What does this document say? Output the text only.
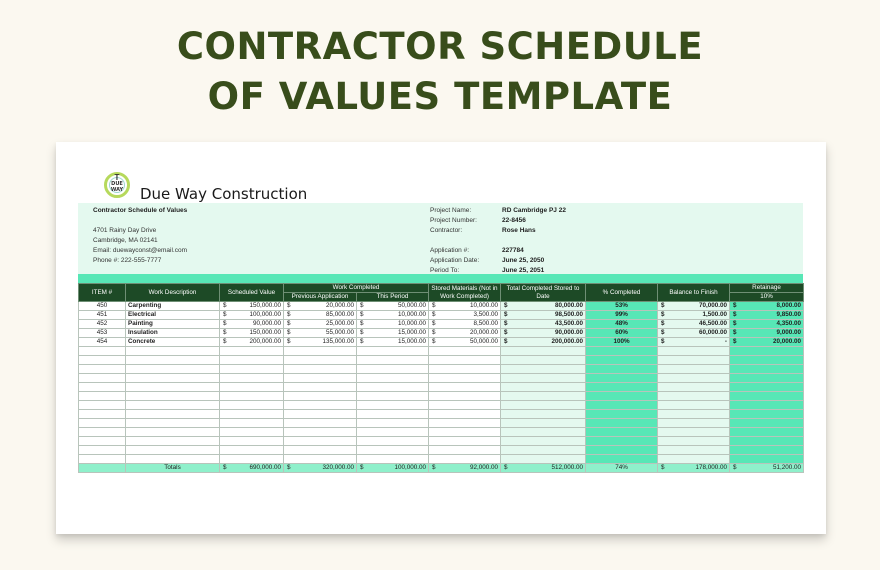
CONTRACTOR SCHEDULE
OF VALUES TEMPLATE
T
DUE WAY Due Way Construction
Contractor Schedule of Values
4701 Rainy Day Drive
Cambridge, MA 02141
Email: duewayconst@email.com
Phone #: 222-555-7777
Project Name:	RD Cambridge PJ 22
Project Number:	22-8456
Contractor:	Rose Hans
Application #:	227784
Application Date:	June 25, 2050
Period To:	June 25, 2051
ITEM #	Work Description	Scheduled Value	Work Completed		Stored Materials (Not in Work Completed)	Total Completed Stored to Date	% Completed	Balance to Finish	Retainage
			Previous Application	This Period					10%
450	Carpenting	$ 150,000.00	$ 20,000.00	$ 50,000.00	$ 10,000.00	$ 80,000.00	53%	$ 70,000.00	$ 8,000.00
451	Electrical	$ 100,000.00	$ 85,000.00	$ 10,000.00	$ 3,500.00	$ 98,500.00	99%	$ 1,500.00	$ 9,850.00
452	Painting	$ 90,000.00	$ 25,000.00	$ 10,000.00	$ 8,500.00	$ 43,500.00	48%	$ 46,500.00	$ 4,350.00
453	Insulation	$ 150,000.00	$ 55,000.00	$ 15,000.00	$ 20,000.00	$ 90,000.00	60%	$ 60,000.00	$ 9,000.00
454	Concrete	$ 200,000.00	$ 135,000.00	$ 15,000.00	$ 50,000.00	$ 200,000.00	100%	$ -	$ 20,000.00

	Totals	$ 690,000.00	$ 320,000.00	$ 100,000.00	$ 92,000.00	$ 512,000.00	74%	$ 178,000.00	$ 51,200.00
